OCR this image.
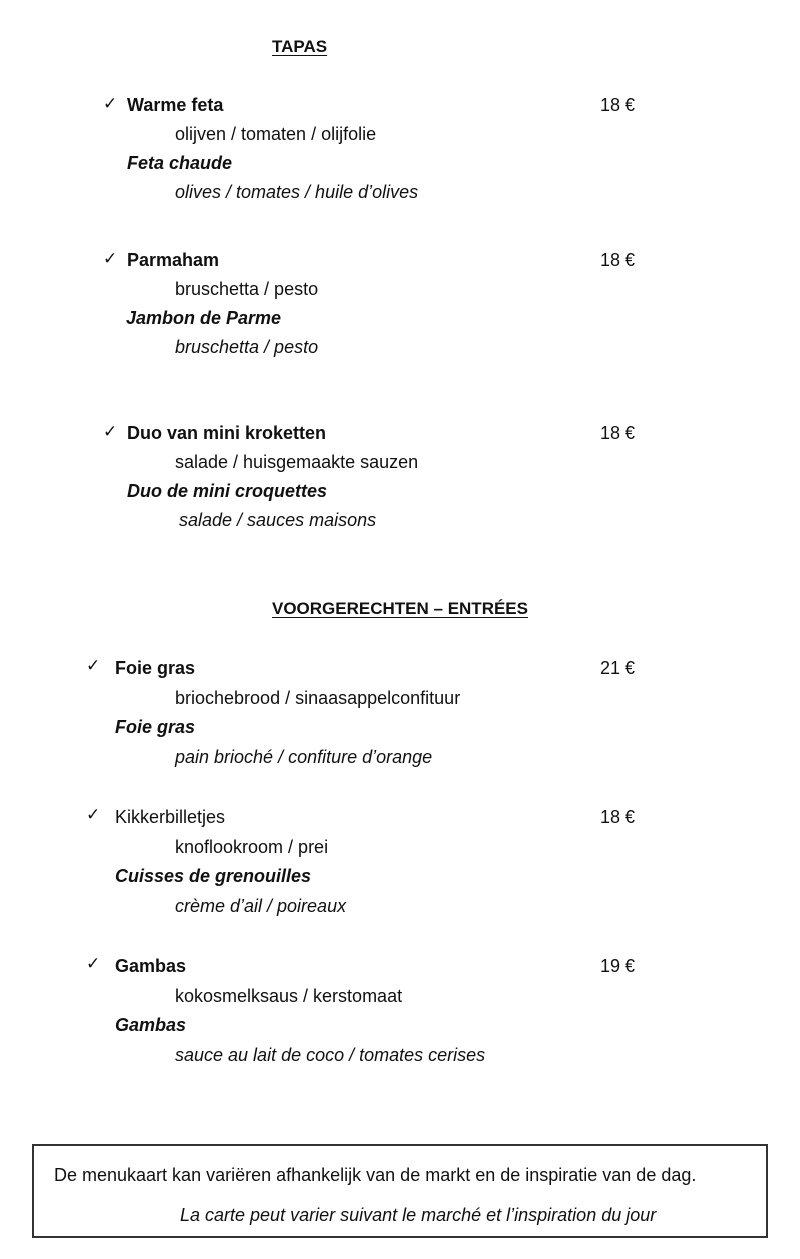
TAPAS
✓ Warme feta	18 €
olijven / tomaten / olijfolie
Feta chaude
olives / tomates / huile d’olives
✓ Parmaham	18 €
bruschetta / pesto
Jambon de Parme
bruschetta / pesto
✓ Duo van mini kroketten	18 €
salade / huisgemaakte sauzen
Duo de mini croquettes
salade / sauces maisons
VOORGERECHTEN – ENTRÉES
✓ Foie gras	21 €
briochebrood / sinaasappelconfituur
Foie gras
pain brioché / confiture d’orange
✓ Kikkerbilletjes	18 €
knoflookroom / prei
Cuisses de grenouilles
crème d’ail / poireaux
✓ Gambas	19 €
kokosmelksaus / kerstomaat
Gambas
sauce au lait de coco / tomates cerises
De menukaart kan variëren afhankelijk van de markt en de inspiratie van de dag.
La carte peut varier suivant le marché et l’inspiration du jour
